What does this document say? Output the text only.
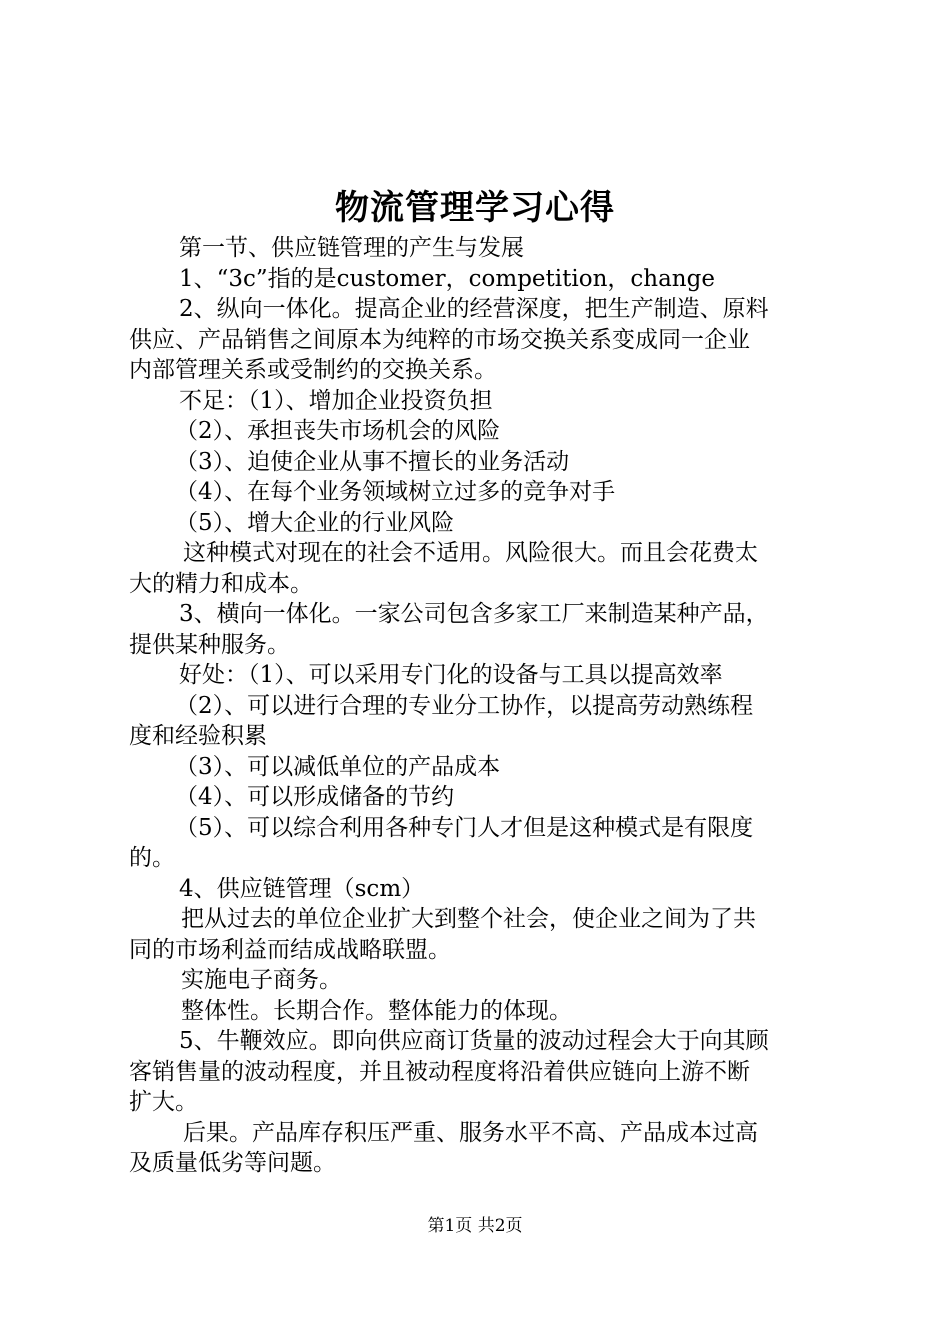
物流管理学习心得

第一节、供应链管理的产生与发展

1、“3c”指的是customer，competition，change

2、纵向一体化。提高企业的经营深度，把生产制造、原料

供应、产品销售之间原本为纯粹的市场交换关系变成同一企业

内部管理关系或受制约的交换关系。

不足：（1）、增加企业投资负担

（2）、承担丧失市场机会的风险

（3）、迫使企业从事不擅长的业务活动

（4）、在每个业务领域树立过多的竞争对手

（5）、增大企业的行业风险

这种模式对现在的社会不适用。风险很大。而且会花费太

大的精力和成本。

3、横向一体化。一家公司包含多家工厂来制造某种产品，

提供某种服务。

好处：（1）、可以采用专门化的设备与工具以提高效率

（2）、可以进行合理的专业分工协作，以提高劳动熟练程

度和经验积累

（3）、可以减低单位的产品成本

（4）、可以形成储备的节约

（5）、可以综合利用各种专门人才但是这种模式是有限度

的。

4、供应链管理（scm）

把从过去的单位企业扩大到整个社会，使企业之间为了共

同的市场利益而结成战略联盟。

实施电子商务。

整体性。长期合作。整体能力的体现。

5、牛鞭效应。即向供应商订货量的波动过程会大于向其顾

客销售量的波动程度，并且被动程度将沿着供应链向上游不断

扩大。

后果。产品库存积压严重、服务水平不高、产品成本过高

及质量低劣等问题。

第1页 共2页
